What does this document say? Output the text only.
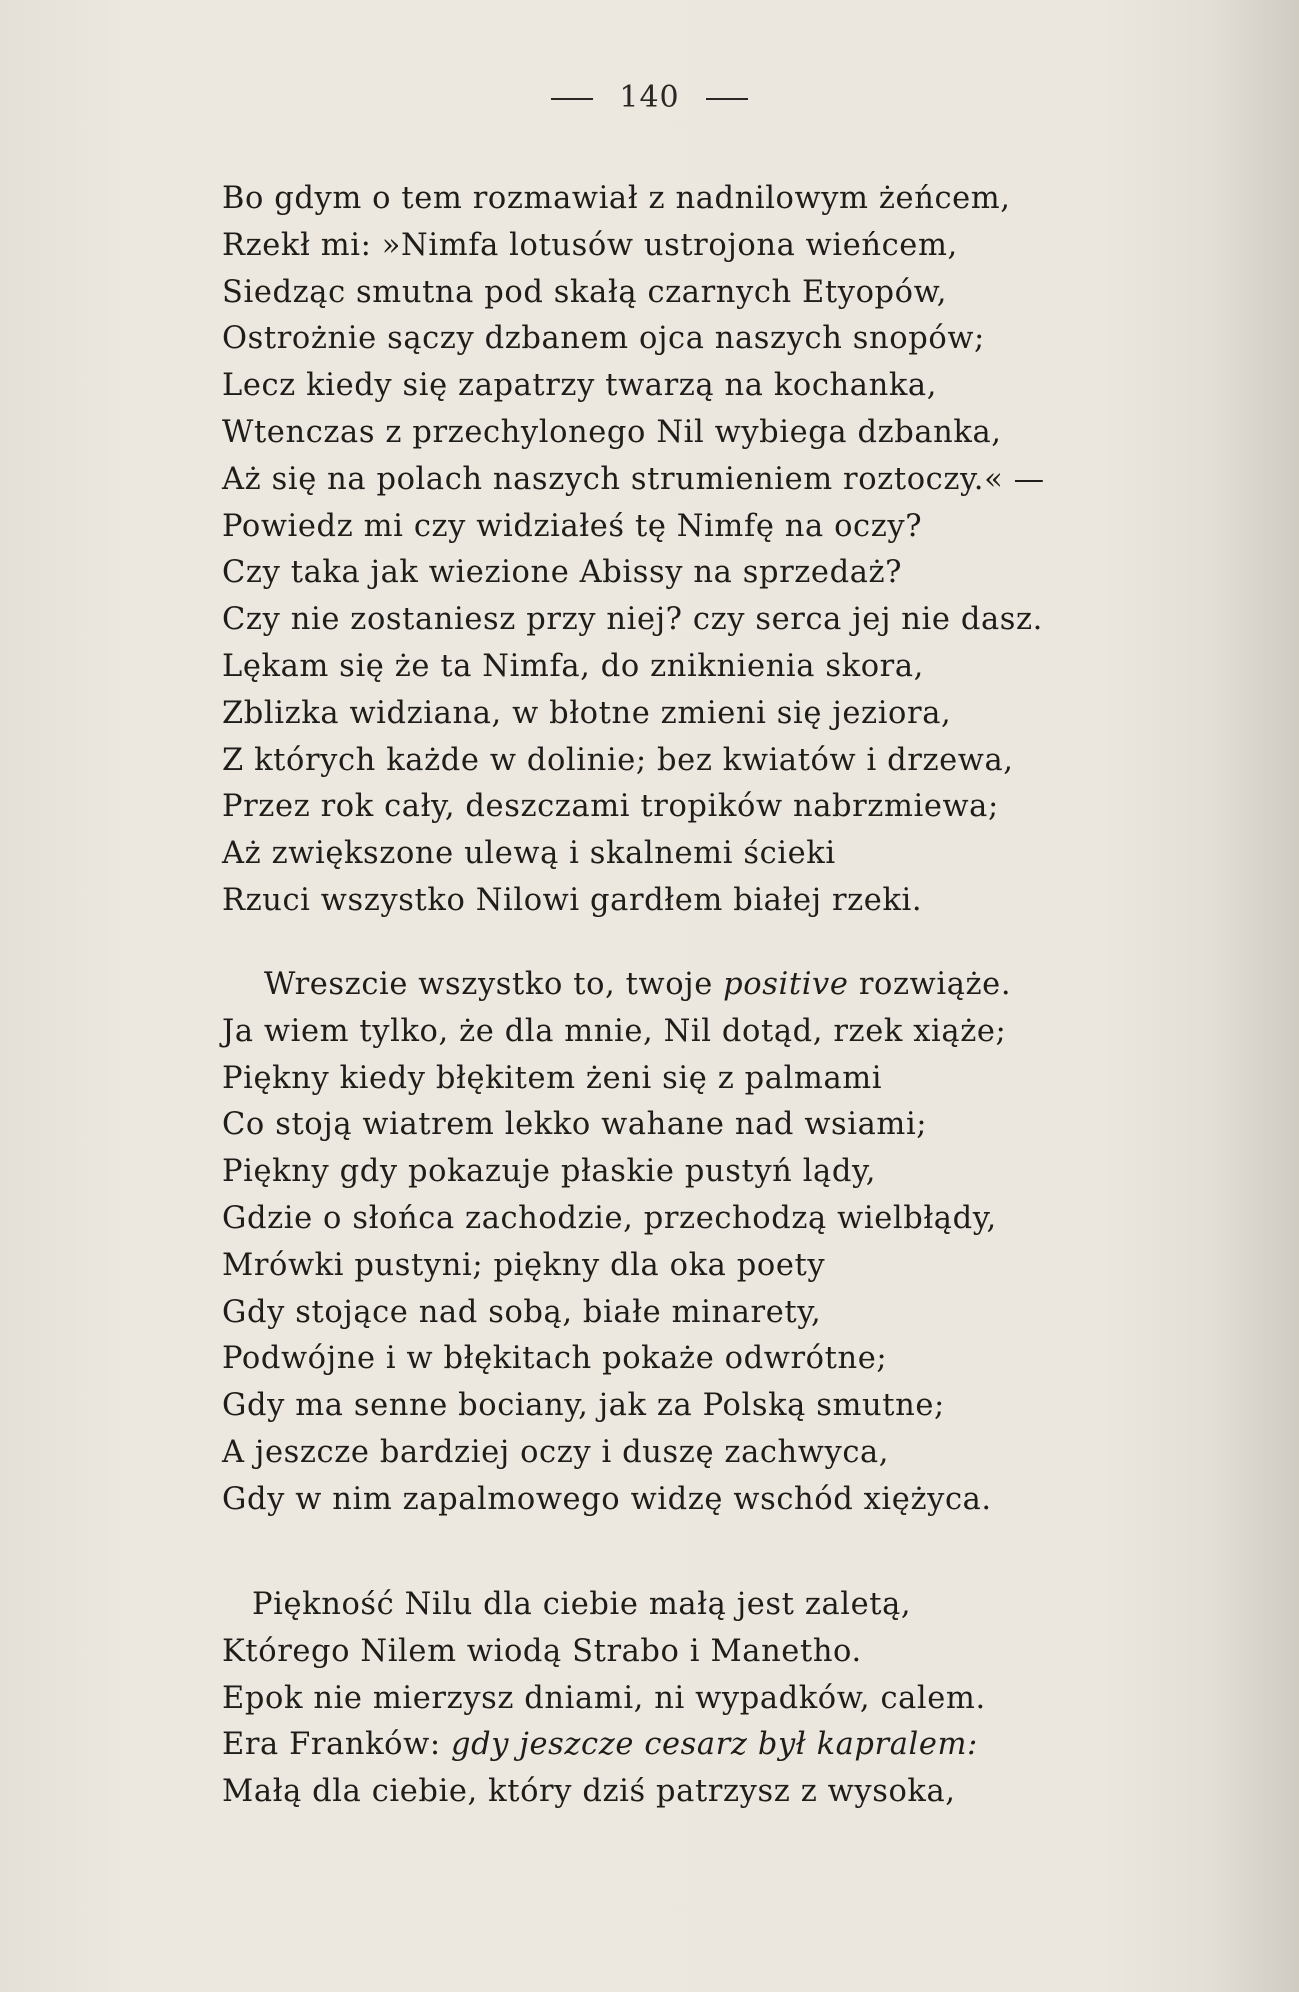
140
Bo gdym o tem rozmawiał z nadnilowym żeńcem,
Rzekł mi: »Nimfa lotusów ustrojona wieńcem,
Siedząc smutna pod skałą czarnych Etyopów,
Ostrożnie sączy dzbanem ojca naszych snopów;
Lecz kiedy się zapatrzy twarzą na kochanka,
Wtenczas z przechylonego Nil wybiega dzbanka,
Aż się na polach naszych strumieniem roztoczy.« —
Powiedz mi czy widziałeś tę Nimfę na oczy?
Czy taka jak wiezione Abissy na sprzedaż?
Czy nie zostaniesz przy niej? czy serca jej nie dasz.
Lękam się że ta Nimfa, do zniknienia skora,
Zblizka widziana, w błotne zmieni się jeziora,
Z których każde w dolinie; bez kwiatów i drzewa,
Przez rok cały, deszczami tropików nabrzmiewa;
Aż zwiększone ulewą i skalnemi ścieki
Rzuci wszystko Nilowi gardłem białej rzeki.
Wreszcie wszystko to, twoje positive rozwiąże.
Ja wiem tylko, że dla mnie, Nil dotąd, rzek xiąże;
Piękny kiedy błękitem żeni się z palmami
Co stoją wiatrem lekko wahane nad wsiami;
Piękny gdy pokazuje płaskie pustyń lądy,
Gdzie o słońca zachodzie, przechodzą wielbłądy,
Mrówki pustyni; piękny dla oka poety
Gdy stojące nad sobą, białe minarety,
Podwójne i w błękitach pokaże odwrótne;
Gdy ma senne bociany, jak za Polską smutne;
A jeszcze bardziej oczy i duszę zachwyca,
Gdy w nim zapalmowego widzę wschód xiężyca.
Piękność Nilu dla ciebie małą jest zaletą,
Którego Nilem wiodą Strabo i Manetho.
Epok nie mierzysz dniami, ni wypadków, calem.
Era Franków: gdy jeszcze cesarz był kapralem:
Małą dla ciebie, który dziś patrzysz z wysoka,
